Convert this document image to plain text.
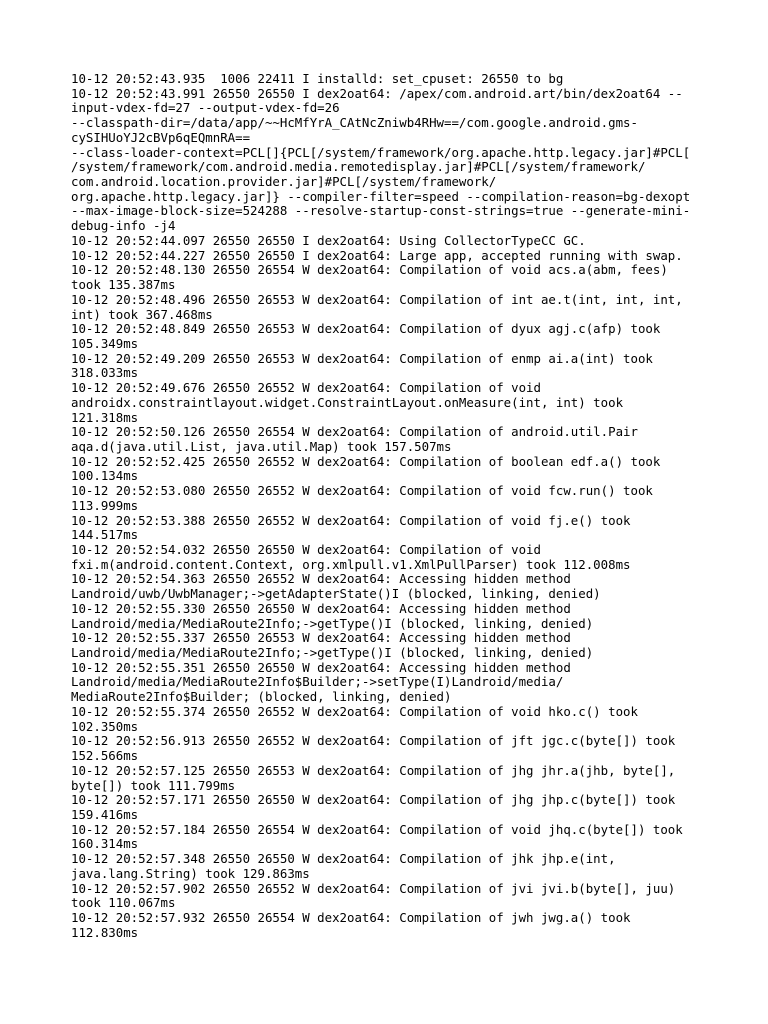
10-12 20:52:43.935  1006 22411 I installd: set_cpuset: 26550 to bg
10-12 20:52:43.991 26550 26550 I dex2oat64: /apex/com.android.art/bin/dex2oat64 --
input-vdex-fd=27 --output-vdex-fd=26
--classpath-dir=/data/app/~~HcMfYrA_CAtNcZniwb4RHw==/com.google.android.gms-
cySIHUoYJ2cBVp6qEQmnRA==
--class-loader-context=PCL[]{PCL[/system/framework/org.apache.http.legacy.jar]#PCL[
/system/framework/com.android.media.remotedisplay.jar]#PCL[/system/framework/
com.android.location.provider.jar]#PCL[/system/framework/
org.apache.http.legacy.jar]} --compiler-filter=speed --compilation-reason=bg-dexopt
--max-image-block-size=524288 --resolve-startup-const-strings=true --generate-mini-
debug-info -j4
10-12 20:52:44.097 26550 26550 I dex2oat64: Using CollectorTypeCC GC.
10-12 20:52:44.227 26550 26550 I dex2oat64: Large app, accepted running with swap.
10-12 20:52:48.130 26550 26554 W dex2oat64: Compilation of void acs.a(abm, fees)
took 135.387ms
10-12 20:52:48.496 26550 26553 W dex2oat64: Compilation of int ae.t(int, int, int,
int) took 367.468ms
10-12 20:52:48.849 26550 26553 W dex2oat64: Compilation of dyux agj.c(afp) took
105.349ms
10-12 20:52:49.209 26550 26553 W dex2oat64: Compilation of enmp ai.a(int) took
318.033ms
10-12 20:52:49.676 26550 26552 W dex2oat64: Compilation of void
androidx.constraintlayout.widget.ConstraintLayout.onMeasure(int, int) took
121.318ms
10-12 20:52:50.126 26550 26554 W dex2oat64: Compilation of android.util.Pair
aqa.d(java.util.List, java.util.Map) took 157.507ms
10-12 20:52:52.425 26550 26552 W dex2oat64: Compilation of boolean edf.a() took
100.134ms
10-12 20:52:53.080 26550 26552 W dex2oat64: Compilation of void fcw.run() took
113.999ms
10-12 20:52:53.388 26550 26552 W dex2oat64: Compilation of void fj.e() took
144.517ms
10-12 20:52:54.032 26550 26550 W dex2oat64: Compilation of void
fxi.m(android.content.Context, org.xmlpull.v1.XmlPullParser) took 112.008ms
10-12 20:52:54.363 26550 26552 W dex2oat64: Accessing hidden method
Landroid/uwb/UwbManager;->getAdapterState()I (blocked, linking, denied)
10-12 20:52:55.330 26550 26550 W dex2oat64: Accessing hidden method
Landroid/media/MediaRoute2Info;->getType()I (blocked, linking, denied)
10-12 20:52:55.337 26550 26553 W dex2oat64: Accessing hidden method
Landroid/media/MediaRoute2Info;->getType()I (blocked, linking, denied)
10-12 20:52:55.351 26550 26550 W dex2oat64: Accessing hidden method
Landroid/media/MediaRoute2Info$Builder;->setType(I)Landroid/media/
MediaRoute2Info$Builder; (blocked, linking, denied)
10-12 20:52:55.374 26550 26552 W dex2oat64: Compilation of void hko.c() took
102.350ms
10-12 20:52:56.913 26550 26552 W dex2oat64: Compilation of jft jgc.c(byte[]) took
152.566ms
10-12 20:52:57.125 26550 26553 W dex2oat64: Compilation of jhg jhr.a(jhb, byte[],
byte[]) took 111.799ms
10-12 20:52:57.171 26550 26550 W dex2oat64: Compilation of jhg jhp.c(byte[]) took
159.416ms
10-12 20:52:57.184 26550 26554 W dex2oat64: Compilation of void jhq.c(byte[]) took
160.314ms
10-12 20:52:57.348 26550 26550 W dex2oat64: Compilation of jhk jhp.e(int,
java.lang.String) took 129.863ms
10-12 20:52:57.902 26550 26552 W dex2oat64: Compilation of jvi jvi.b(byte[], juu)
took 110.067ms
10-12 20:52:57.932 26550 26554 W dex2oat64: Compilation of jwh jwg.a() took
112.830ms
